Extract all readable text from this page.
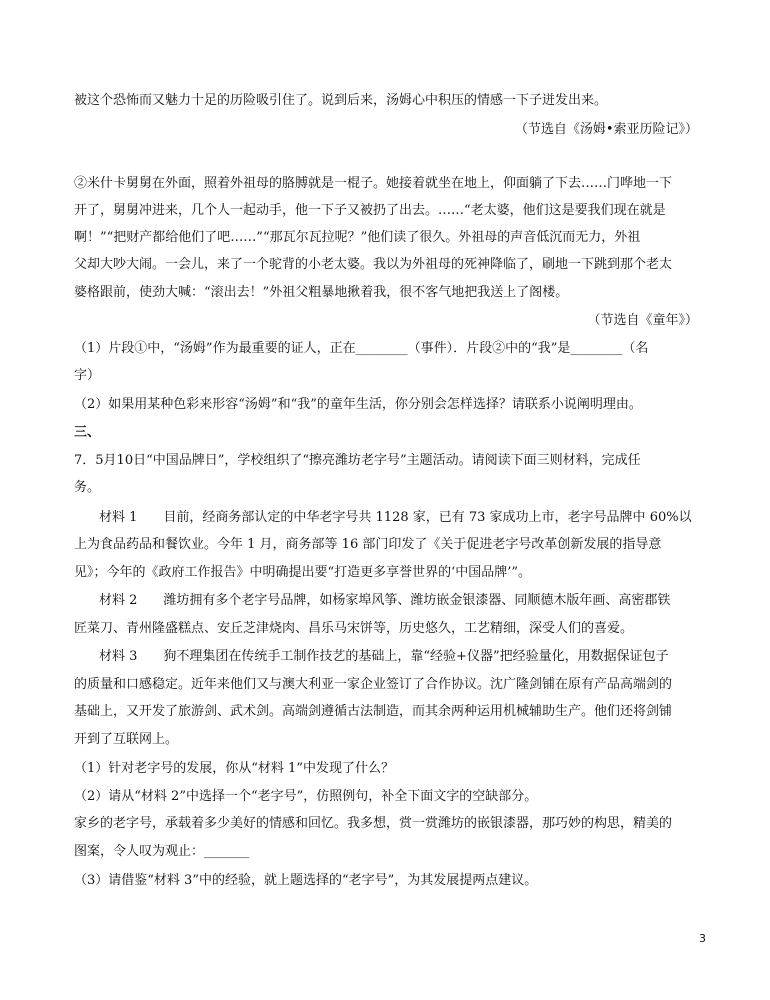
被这个恐怖而又魅力十足的历险吸引住了。说到后来，汤姆心中积压的情感一下子迸发出来。
（节选自《汤姆•索亚历险记》）
②米什卡舅舅在外面，照着外祖母的胳膊就是一棍子。她接着就坐在地上，仰面躺了下去……门哗地一下
开了，舅舅冲进来，几个人一起动手，他一下子又被扔了出去。……“老太婆，他们这是要我们现在就是
啊！”“把财产都给他们了吧……”“那瓦尔瓦拉呢？”他们读了很久。外祖母的声音低沉而无力，外祖
父却大吵大闹。一会儿，来了一个驼背的小老太婆。我以为外祖母的死神降临了，刷地一下跳到那个老太
婆格跟前，使劲大喊：“滚出去！”外祖父粗暴地揪着我，很不客气地把我送上了阁楼。
（节选自《童年》）
（1）片段①中，“汤姆”作为最重要的证人，正在________（事件）．片段②中的“我”是________（名
字）
（2）如果用某种色彩来形容“汤姆”和“我”的童年生活，你分别会怎样选择？请联系小说阐明理由。
三、
7．5月10日“中国品牌日”，学校组织了“擦亮潍坊老字号”主题活动。请阅读下面三则材料，完成任
务。
材料 1 目前，经商务部认定的中华老字号共 1128 家，已有 73 家成功上市，老字号品牌中 60%以
上为食品药品和餐饮业。今年 1 月，商务部等 16 部门印发了《关于促进老字号改革创新发展的指导意
见》；今年的《政府工作报告》中明确提出要“打造更多享誉世界的‘中国品牌’”。
材料 2 潍坊拥有多个老字号品牌，如杨家埠风筝、潍坊嵌金银漆器、同顺德木版年画、高密郡铁
匠菜刀、青州隆盛糕点、安丘芝津烧肉、昌乐马宋饼等，历史悠久，工艺精细，深受人们的喜爱。
材料 3 狗不理集团在传统手工制作技艺的基础上，靠“经验+仪器”把经验量化，用数据保证包子
的质量和口感稳定。近年来他们又与澳大利亚一家企业签订了合作协议。沈广隆剑铺在原有产品高端剑的
基础上，又开发了旅游剑、武术剑。高端剑遵循古法制造，而其余两种运用机械辅助生产。他们还将剑铺
开到了互联网上。
（1）针对老字号的发展，你从“材料 1”中发现了什么？
（2）请从“材料 2”中选择一个“老字号”，仿照例句，补全下面文字的空缺部分。
家乡的老字号，承载着多少美好的情感和回忆。我多想，赏一赏潍坊的嵌银漆器，那巧妙的构思，精美的
图案，令人叹为观止：_______
（3）请借鉴“材料 3”中的经验，就上题选择的“老字号”，为其发展提两点建议。
3
